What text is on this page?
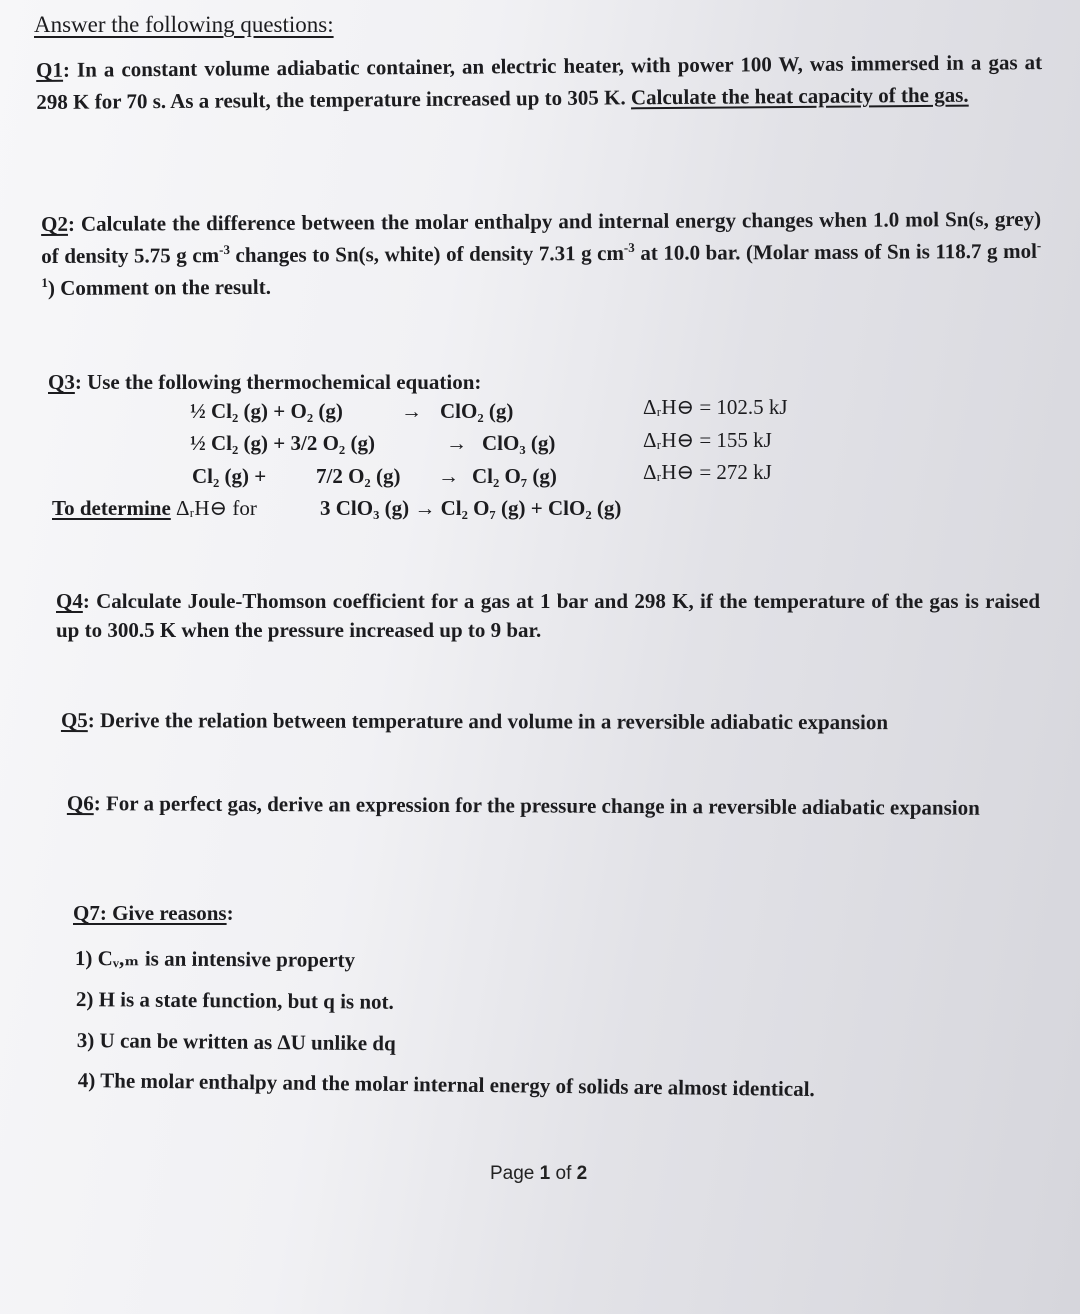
Answer the following questions:
Q1: In a constant volume adiabatic container, an electric heater, with power 100 W, was immersed in a gas at 298 K for 70 s. As a result, the temperature increased up to 305 K. Calculate the heat capacity of the gas.
Q2: Calculate the difference between the molar enthalpy and internal energy changes when 1.0 mol Sn(s, grey) of density 5.75 g $cm^{-3}$ changes to Sn(s, white) of density 7.31 g $cm^{-3}$ at 10.0 bar. (Molar mass of Sn is 118.7 g mol$^{-1}$) Comment on the result.
Q3: Use the following thermochemical equation:
½ Cl₂ (g) + O₂ (g)	→ ClO₂ (g)	ΔᵣH⊖ = 102.5 kJ
½ Cl₂ (g) + 3/2 O₂ (g)	→ ClO₃ (g)	ΔᵣH⊖ = 155 kJ
Cl₂ (g) + 7/2 O₂ (g) → Cl₂ O₇ (g)	ΔᵣH⊖ = 272 kJ
To determine ΔᵣH⊖ for	3 ClO₃ (g) → Cl₂ O₇ (g) + ClO₂ (g)
Q4: Calculate Joule-Thomson coefficient for a gas at 1 bar and 298 K, if the temperature of the gas is raised up to 300.5 K when the pressure increased up to 9 bar.
Q5: Derive the relation between temperature and volume in a reversible adiabatic expansion
Q6: For a perfect gas, derive an expression for the pressure change in a reversible adiabatic expansion
Q7: Give reasons:
1) Cᵥ,ₘ is an intensive property
2) H is a state function, but q is not.
3) U can be written as ΔU unlike dq
4) The molar enthalpy and the molar internal energy of solids are almost identical.
Page 1 of 2
